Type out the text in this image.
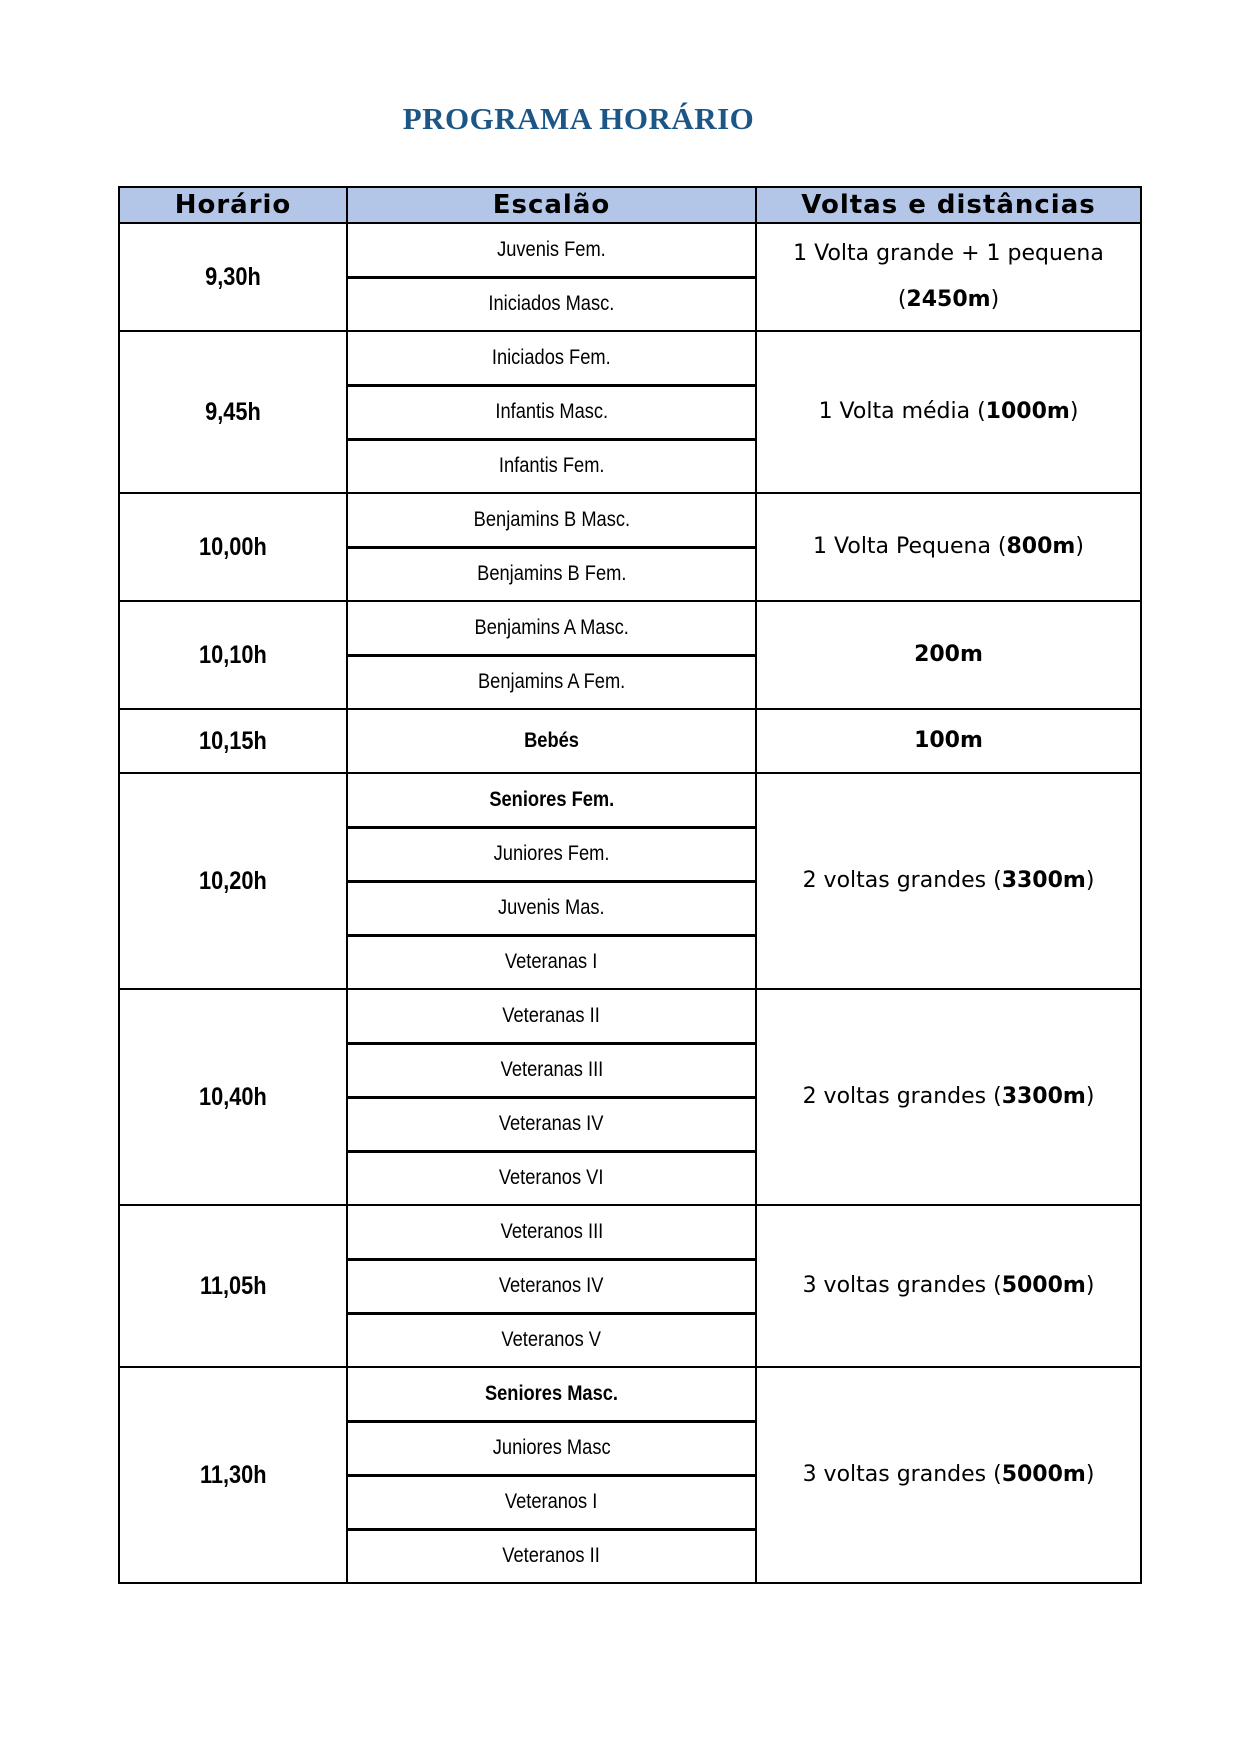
PROGRAMA HORÁRIO
Horário	Escalão	Voltas e distâncias
9,30h	Juvenis Fem.	1 Volta grande + 1 pequena
(2450m)

	Iniciados Masc.	
9,45h	Iniciados Fem.	1 Volta média (1000m)

	Infantis Masc.	
	Infantis Fem.	
10,00h	Benjamins B Masc.	1 Volta Pequena (800m)

	Benjamins B Fem.	
10,10h	Benjamins A Masc.	200m

	Benjamins A Fem.	
10,15h	Bebés	100m

10,20h	Seniores Fem.	2 voltas grandes (3300m)

	Juniores Fem.	
	Juvenis Mas.	
	Veteranas I	
10,40h	Veteranas II	2 voltas grandes (3300m)

	Veteranas III	
	Veteranas IV	
	Veteranos VI	
11,05h	Veteranos III	3 voltas grandes (5000m)

	Veteranos IV	
	Veteranos V	
11,30h	Seniores Masc.	3 voltas grandes (5000m)

	Juniores Masc	
	Veteranos I	
	Veteranos II	
